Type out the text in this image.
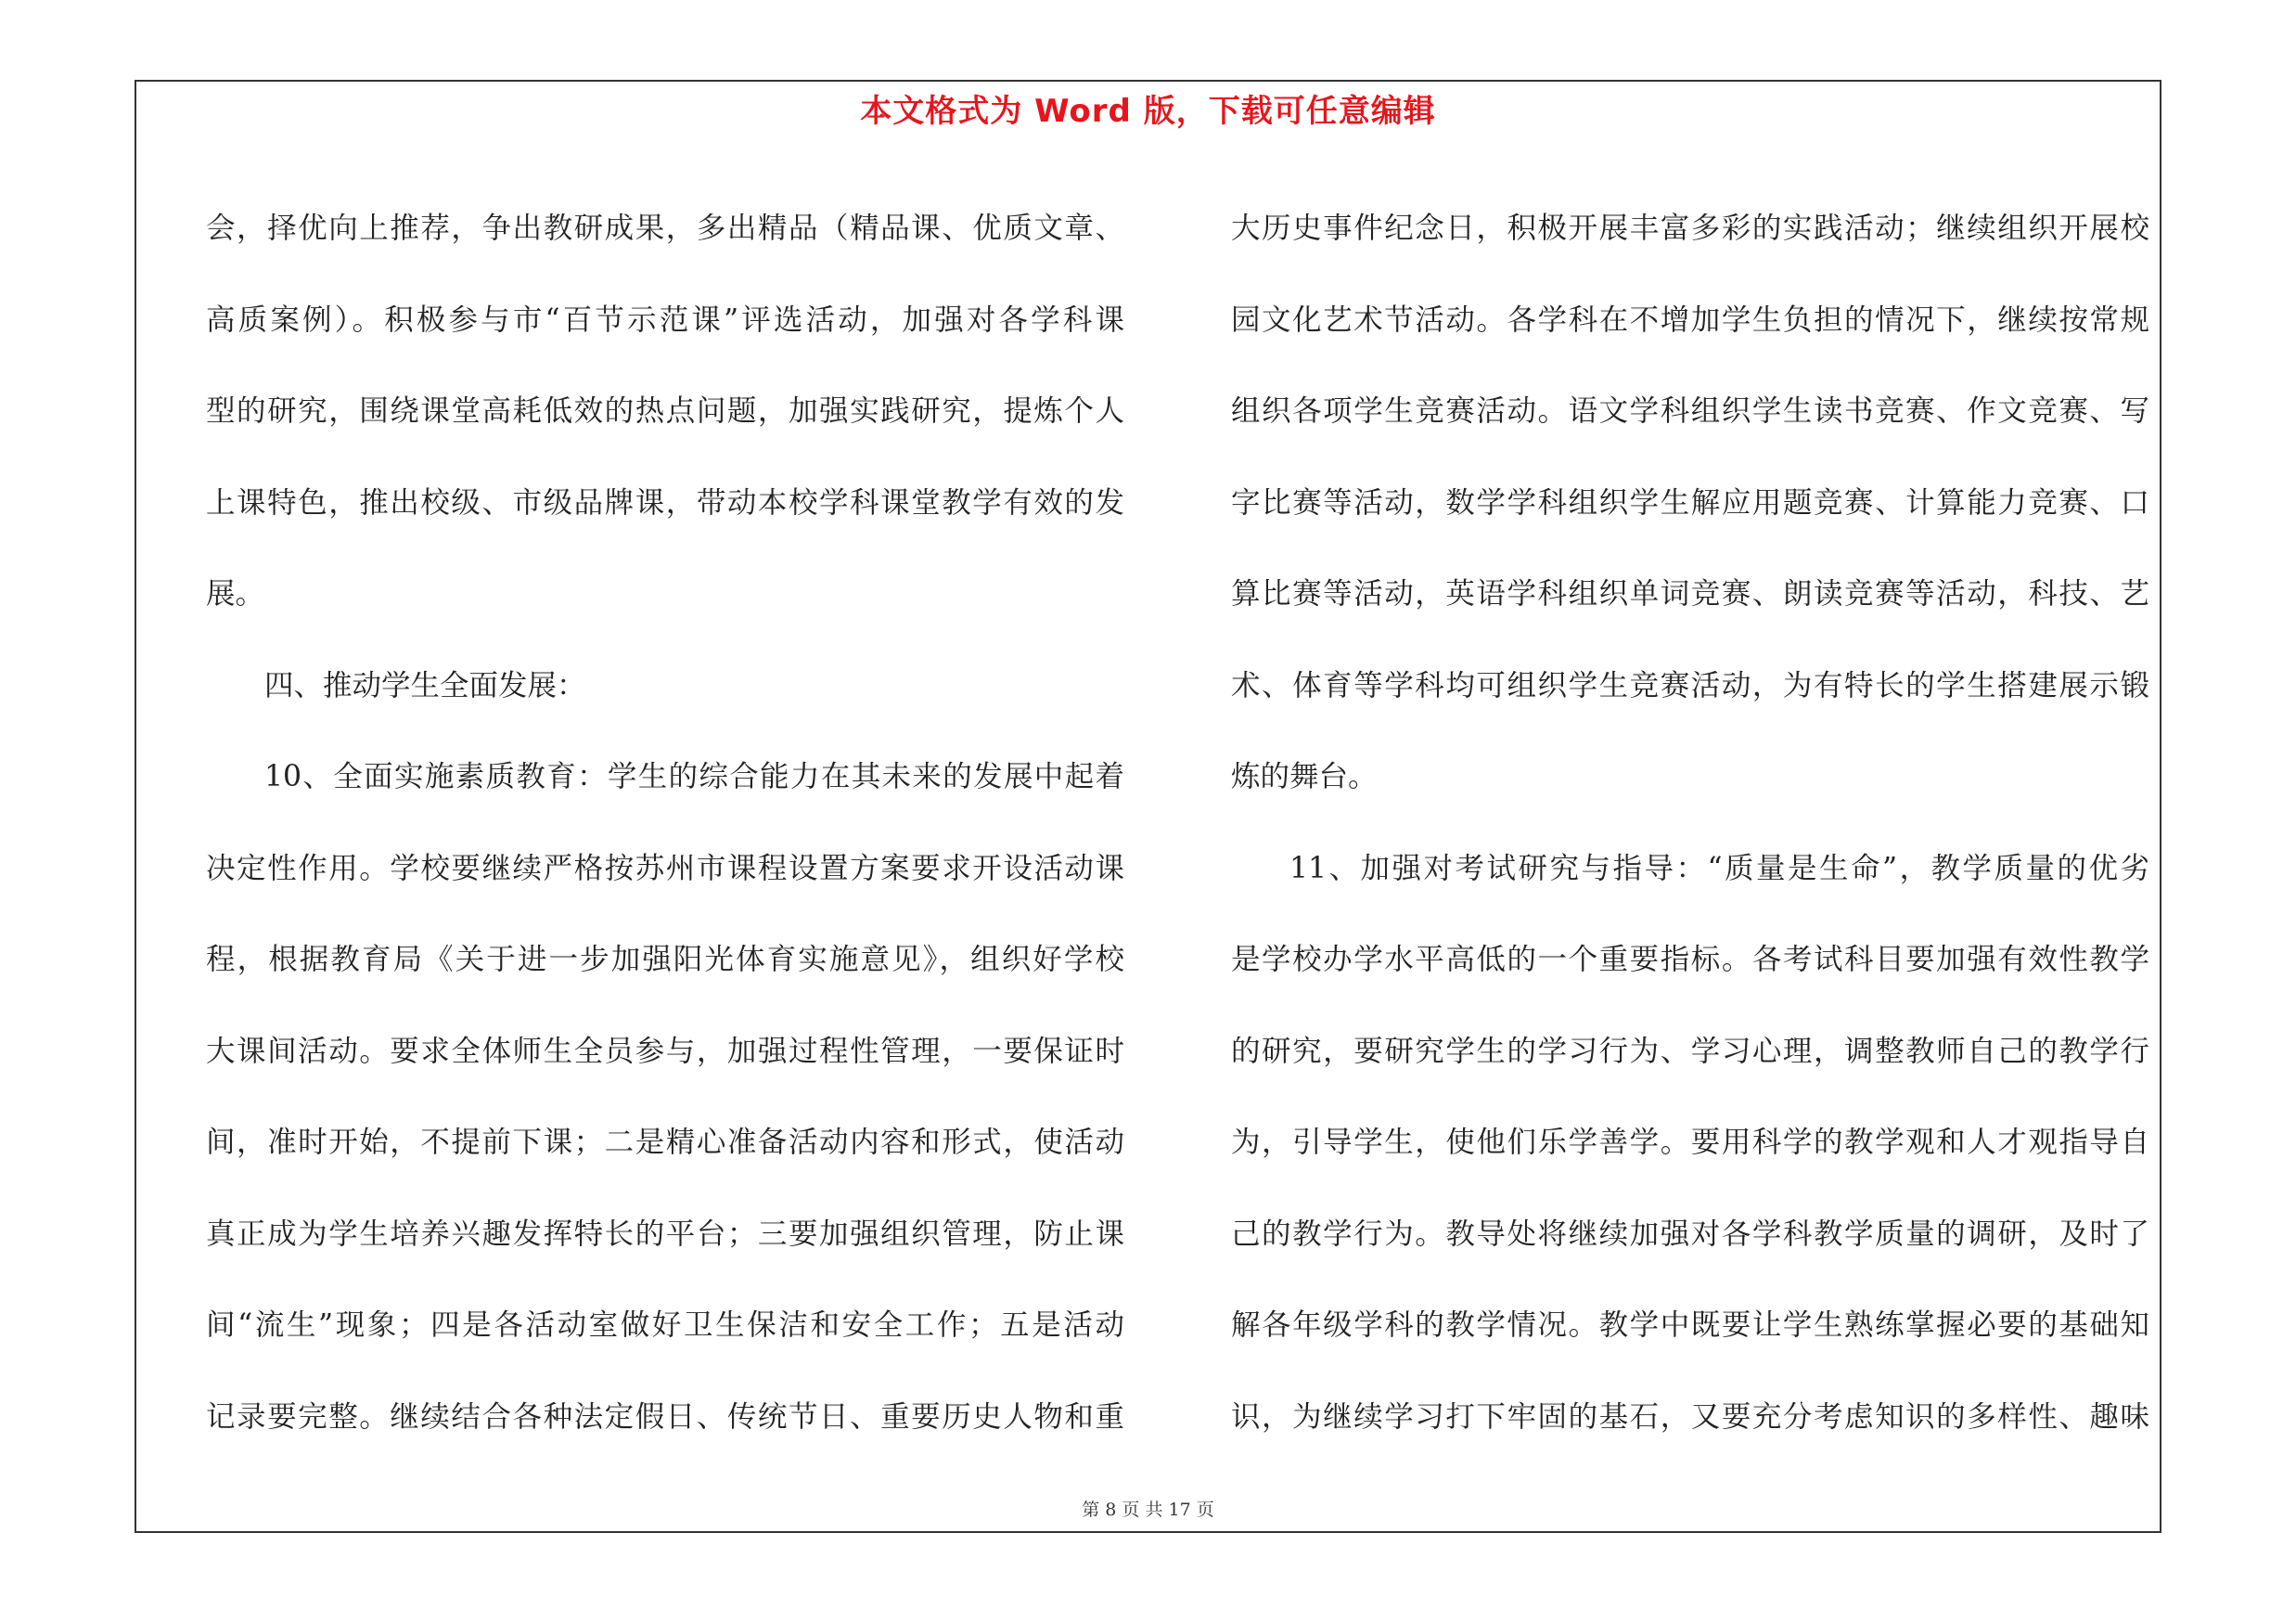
本文格式为 Word 版，下载可任意编辑
会，择优向上推荐，争出教研成果，多出精品（精品课、优质文章、
高质案例）。积极参与市“百节示范课”评选活动，加强对各学科课
型的研究，围绕课堂高耗低效的热点问题，加强实践研究，提炼个人
上课特色，推出校级、市级品牌课，带动本校学科课堂教学有效的发
展。
四、推动学生全面发展：
10、全面实施素质教育：学生的综合能力在其未来的发展中起着
决定性作用。学校要继续严格按苏州市课程设置方案要求开设活动课
程，根据教育局《关于进一步加强阳光体育实施意见》，组织好学校
大课间活动。要求全体师生全员参与，加强过程性管理，一要保证时
间，准时开始，不提前下课；二是精心准备活动内容和形式，使活动
真正成为学生培养兴趣发挥特长的平台；三要加强组织管理，防止课
间“流生”现象；四是各活动室做好卫生保洁和安全工作；五是活动
记录要完整。继续结合各种法定假日、传统节日、重要历史人物和重
大历史事件纪念日，积极开展丰富多彩的实践活动；继续组织开展校
园文化艺术节活动。各学科在不增加学生负担的情况下，继续按常规
组织各项学生竞赛活动。语文学科组织学生读书竞赛、作文竞赛、写
字比赛等活动，数学学科组织学生解应用题竞赛、计算能力竞赛、口
算比赛等活动，英语学科组织单词竞赛、朗读竞赛等活动，科技、艺
术、体育等学科均可组织学生竞赛活动，为有特长的学生搭建展示锻
炼的舞台。
11、加强对考试研究与指导：“质量是生命”，教学质量的优劣
是学校办学水平高低的一个重要指标。各考试科目要加强有效性教学
的研究，要研究学生的学习行为、学习心理，调整教师自己的教学行
为，引导学生，使他们乐学善学。要用科学的教学观和人才观指导自
己的教学行为。教导处将继续加强对各学科教学质量的调研，及时了
解各年级学科的教学情况。教学中既要让学生熟练掌握必要的基础知
识，为继续学习打下牢固的基石，又要充分考虑知识的多样性、趣味
第 8 页 共 17 页
